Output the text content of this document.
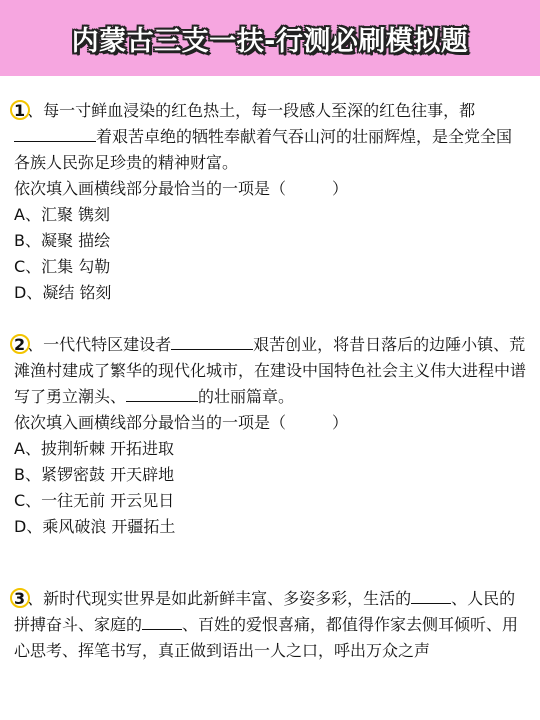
内蒙古三支一扶-行测必刷模拟题
1 、每一寸鲜血浸染的红色热土，每一段感人至深的红色往事，都着艰苦卓绝的牺牲奉献着气吞山河的壮丽辉煌，是全党全国各族人民弥足珍贵的精神财富。
依次填入画横线部分最恰当的一项是（	）
A、汇聚 镌刻
B、凝聚 描绘
C、汇集 勾勒
D、凝结 铭刻
2 、一代代特区建设者	艰苦创业，将昔日落后的边陲小镇、荒滩渔村建成了繁华的现代化城市，在建设中国特色社会主义伟大进程中谱写了勇立潮头、	的壮丽篇章。
依次填入画横线部分最恰当的一项是（	）
A、披荆斩棘 开拓进取
B、紧锣密鼓 开天辟地
C、一往无前 开云见日
D、乘风破浪 开疆拓土
3 、新时代现实世界是如此新鲜丰富、多姿多彩，生活的	、人民的拼搏奋斗、家庭的	、百姓的爱恨喜痛，都值得作家去侧耳倾听、用心思考、挥笔书写，真正做到语出一人之口，呼出万众之声
